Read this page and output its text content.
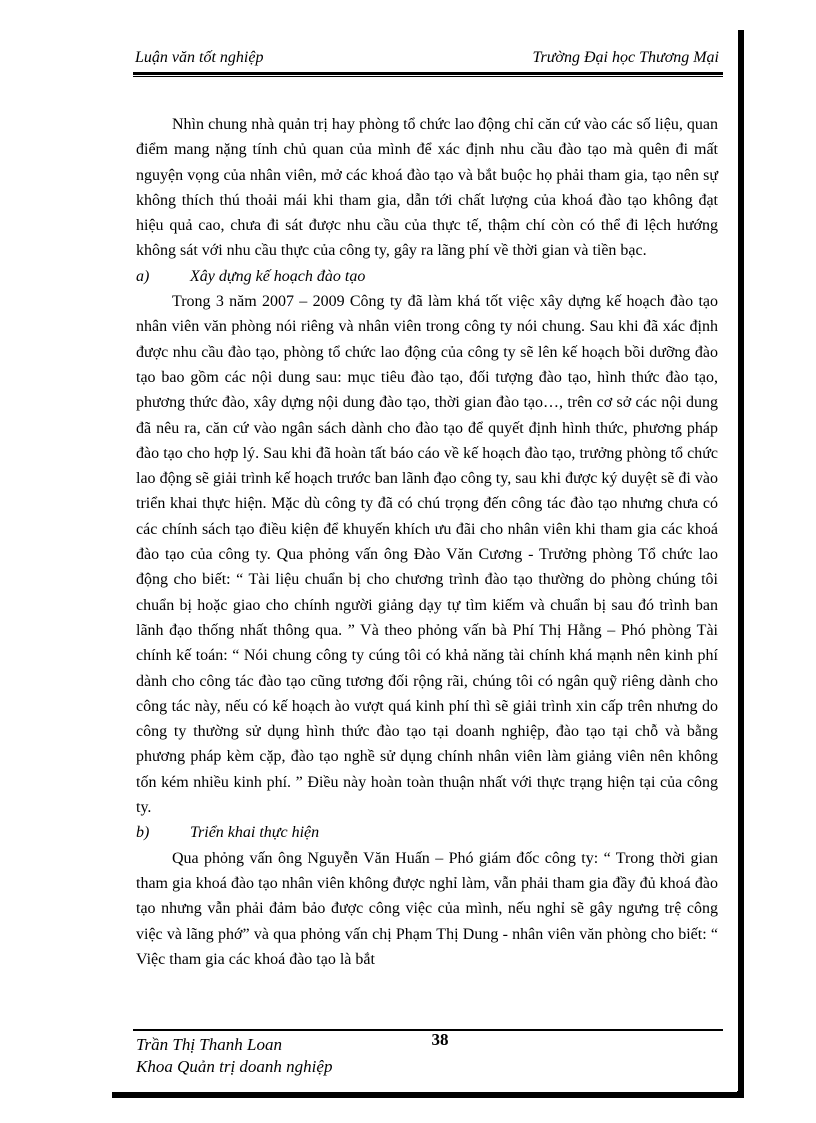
Luận văn tốt nghiệp	Trường Đại học Thương Mại

Nhìn chung nhà quản trị hay phòng tổ chức lao động chỉ căn cứ vào các số liệu, quan điểm mang nặng tính chủ quan của mình để xác định nhu cầu đào tạo mà quên đi mất nguyện vọng của nhân viên, mở các khoá đào tạo và bắt buộc họ phải tham gia, tạo nên sự không thích thú thoải mái khi tham gia, dẫn tới chất lượng của khoá đào tạo không đạt hiệu quả cao, chưa đi sát được nhu cầu của thực tế, thậm chí còn có thể đi lệch hướng không sát với nhu cầu thực của công ty, gây ra lãng phí về thời gian và tiền bạc.

a)	Xây dựng kế hoạch đào tạo

Trong 3 năm 2007 – 2009 Công ty đã làm khá tốt việc xây dựng kế hoạch đào tạo nhân viên văn phòng nói riêng và nhân viên trong công ty nói chung. Sau khi đã xác định được nhu cầu đào tạo, phòng tổ chức lao động của công ty sẽ lên kế hoạch bồi dưỡng đào tạo bao gồm các nội dung sau: mục tiêu đào tạo, đối tượng đào tạo, hình thức đào tạo, phương thức đào, xây dựng nội dung đào tạo, thời gian đào tạo…, trên cơ sở các nội dung đã nêu ra, căn cứ vào ngân sách dành cho đào tạo để quyết định hình thức, phương pháp đào tạo cho hợp lý. Sau khi đã hoàn tất báo cáo về kế hoạch đào tạo, trưởng phòng tổ chức lao động sẽ giải trình kế hoạch trước ban lãnh đạo công ty, sau khi được ký duyệt sẽ đi vào triển khai thực hiện. Mặc dù công ty đã có chú trọng đến công tác đào tạo nhưng chưa có các chính sách tạo điều kiện để khuyến khích ưu đãi cho nhân viên khi tham gia các khoá đào tạo của công ty. Qua phỏng vấn ông Đào Văn Cương - Trưởng phòng Tổ chức lao động cho biết: “ Tài liệu chuẩn bị cho chương trình đào tạo thường do phòng chúng tôi chuẩn bị hoặc giao cho chính người giảng dạy tự tìm kiếm và chuẩn bị sau đó trình ban lãnh đạo thống nhất thông qua. ” Và theo phỏng vấn bà Phí Thị Hằng – Phó phòng Tài chính kế toán: “ Nói chung công ty cúng tôi có khả năng tài chính khá mạnh nên kinh phí dành cho công tác đào tạo cũng tương đối rộng rãi, chúng tôi có ngân quỹ riêng dành cho công tác này, nếu có kế hoạch ào vượt quá kinh phí thì sẽ giải trình xin cấp trên nhưng do công ty thường sử dụng hình thức đào tạo tại doanh nghiệp, đào tạo tại chỗ và bằng phương pháp kèm cặp, đào tạo nghề sử dụng chính nhân viên làm giảng viên nên không tốn kém nhiều kinh phí. ” Điều này hoàn toàn thuận nhất với thực trạng hiện tại của công ty.

b)	Triển khai thực hiện

Qua phỏng vấn ông Nguyễn Văn Huấn – Phó giám đốc công ty: “ Trong thời gian tham gia khoá đào tạo nhân viên không được nghỉ làm, vẫn phải tham gia đầy đủ khoá đào tạo nhưng vẫn phải đảm bảo được công việc của mình, nếu nghỉ sẽ gây ngưng trệ công việc và lãng phớ” và qua phỏng vấn chị Phạm Thị Dung - nhân viên văn phòng cho biết: “ Việc tham gia các khoá đào tạo là bắt

Trần Thị Thanh Loan
Khoa Quản trị doanh nghiệp
38
